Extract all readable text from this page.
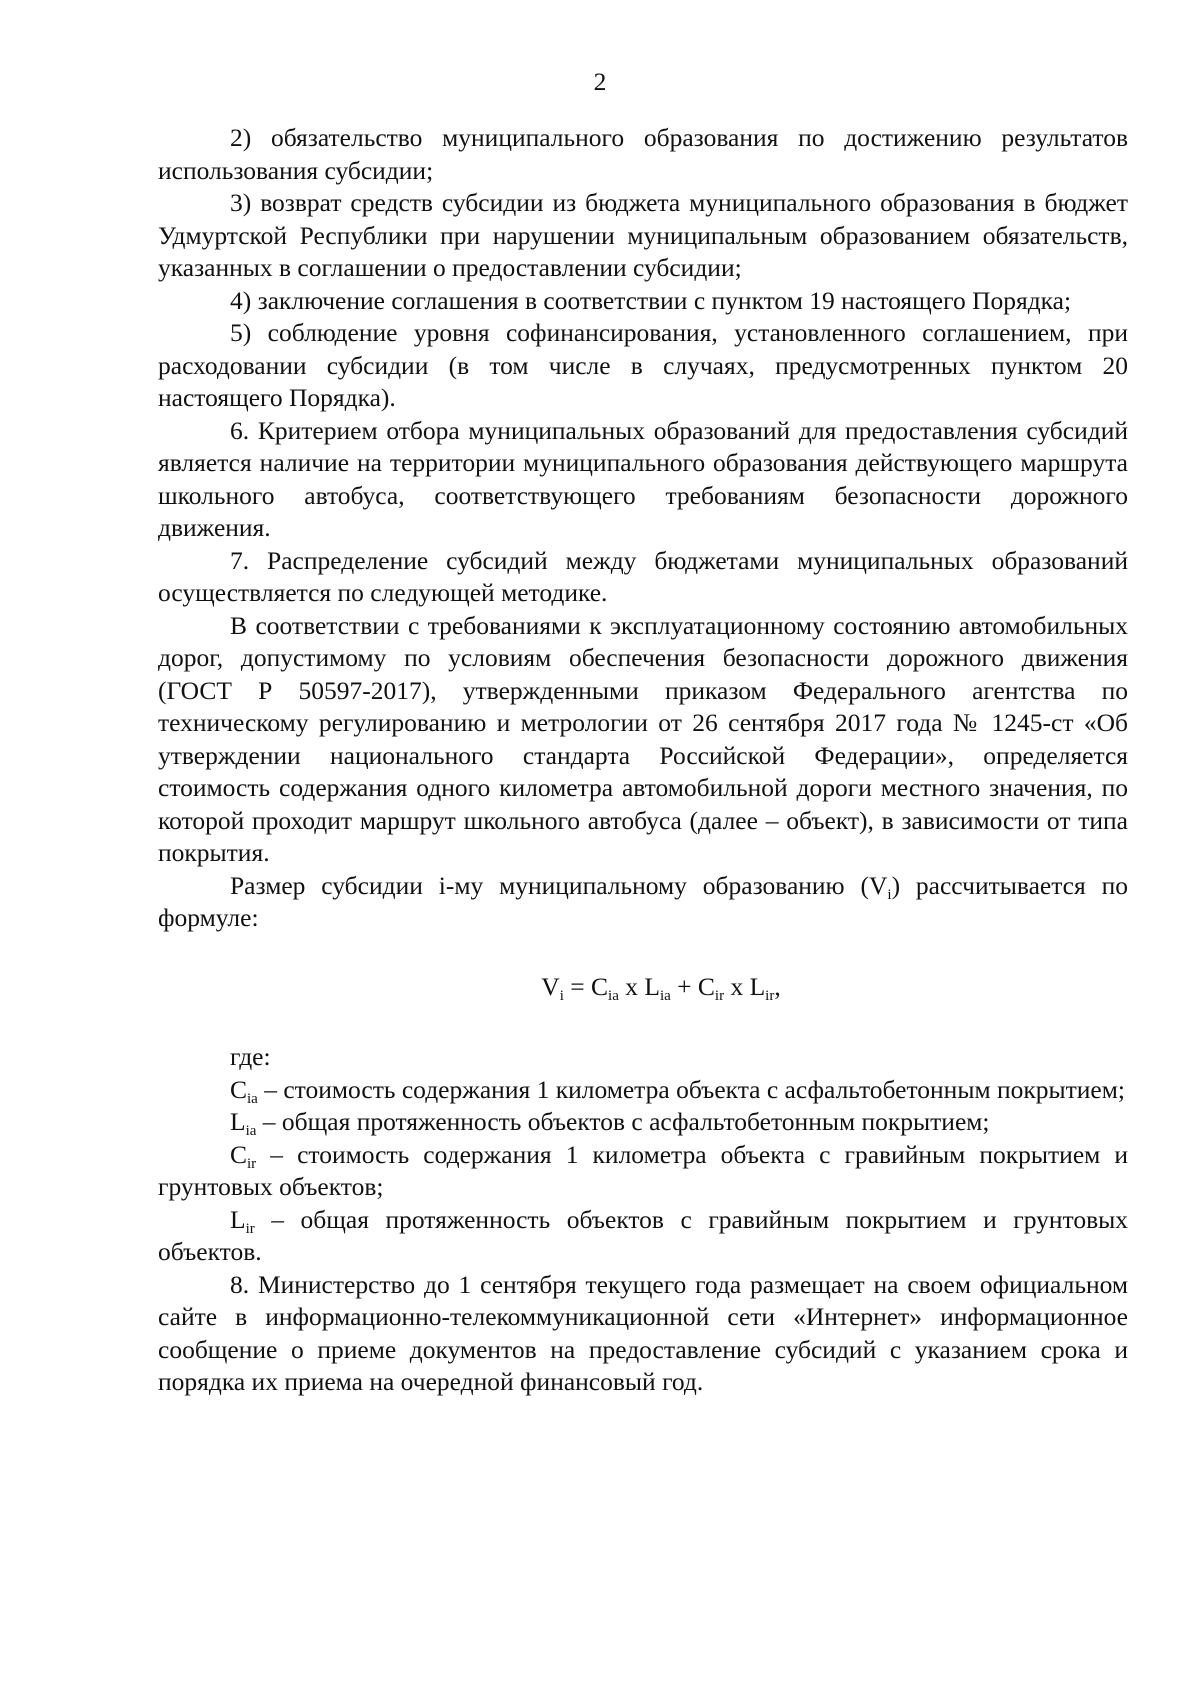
2

2) обязательство муниципального образования по достижению результатов использования субсидии;

3) возврат средств субсидии из бюджета муниципального образования в бюджет Удмуртской Республики при нарушении муниципальным образованием обязательств, указанных в соглашении о предоставлении субсидии;

4) заключение соглашения в соответствии с пунктом 19 настоящего Порядка;

5) соблюдение уровня софинансирования, установленного соглашением, при расходовании субсидии (в том числе в случаях, предусмотренных пунктом 20 настоящего Порядка).

6. Критерием отбора муниципальных образований для предоставления субсидий является наличие на территории муниципального образования действующего маршрута школьного автобуса, соответствующего требованиям безопасности дорожного движения.

7. Распределение субсидий между бюджетами муниципальных образований осуществляется по следующей методике.

В соответствии с требованиями к эксплуатационному состоянию автомобильных дорог, допустимому по условиям обеспечения безопасности дорожного движения (ГОСТ Р 50597-2017), утвержденными приказом Федерального агентства по техническому регулированию и метрологии от 26 сентября 2017 года № 1245-ст «Об утверждении национального стандарта Российской Федерации», определяется стоимость содержания одного километра автомобильной дороги местного значения, по которой проходит маршрут школьного автобуса (далее – объект), в зависимости от типа покрытия.

Размер субсидии i-му муниципальному образованию $(V_i)$ рассчитывается по формуле:

$V_i = C_{ia}$ x $L_{ia} + C_{ir}$ x $L_{ir}$,

где:

$C_{ia}$ – стоимость содержания 1 километра объекта с асфальтобетонным покрытием;

$L_{ia}$ – общая протяженность объектов с асфальтобетонным покрытием;

$C_{ir}$ – стоимость содержания 1 километра объекта с гравийным покрытием и грунтовых объектов;

$L_{ir}$ – общая протяженность объектов с гравийным покрытием и грунтовых объектов.

8. Министерство до 1 сентября текущего года размещает на своем официальном сайте в информационно-телекоммуникационной сети «Интернет» информационное сообщение о приеме документов на предоставление субсидий с указанием срока и порядка их приема на очередной финансовый год.
